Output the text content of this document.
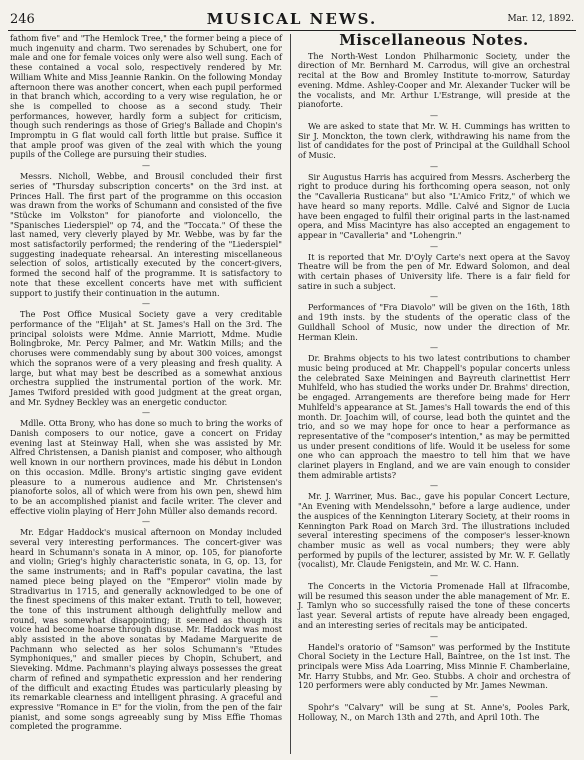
246	MUSICAL NEWS.	Mar. 12, 1892.

fathom five" and "The Hemlock Tree," the former being a piece of much ingenuity and charm. Two serenades by Schubert, one for male and one for female voices only were also well sung. Each of these contained a vocal solo, respectively rendered by Mr. William White and Miss Jeannie Rankin. On the following Monday afternoon there was another concert, when each pupil performed in that branch which, according to a very wise regulation, he or she is compelled to choose as a second study. Their performances, however, hardly form a subject for criticism, though such renderings as those of Grieg's Ballade and Chopin's Impromptu in G flat would call forth little but praise. Suffice it that ample proof was given of the zeal with which the young pupils of the College are pursuing their studies.

—

Messrs. Nicholl, Webbe, and Brousil concluded their first series of "Thursday subscription concerts" on the 3rd inst. at Princes Hall. The first part of the programme on this occasion was drawn from the works of Schumann and consisted of the five "Stücke im Volkston" for pianoforte and violoncello, the "Spanisches Liederspiel" op 74, and the "Toccata." Of these the last named, very cleverly played by Mr. Webbe, was by far the most satisfactorily performed; the rendering of the "Liederspiel" suggesting inadequate rehearsal. An interesting miscellaneous selection of solos, artistically executed by the concert-givers, formed the second half of the programme. It is satisfactory to note that these excellent concerts have met with sufficient support to justify their continuation in the autumn.

—

The Post Office Musical Society gave a very creditable performance of the "Elijah" at St. James's Hall on the 3rd. The principal soloists were Mdme. Annie Marriott, Mdme. Mudie Bolingbroke, Mr. Percy Palmer, and Mr. Watkin Mills; and the choruses were commendably sung by about 300 voices, amongst which the sopranos were of a very pleasing and fresh quality. A large, but what may best be described as a somewhat anxious orchestra supplied the instrumental portion of the work. Mr. James Twiford presided with good judgment at the great organ, and Mr. Sydney Beckley was an energetic conductor.

—

Mdlle. Otta Brony, who has done so much to bring the works of Danish composers to our notice, gave a concert on Friday evening last at Steinway Hall, when she was assisted by Mr. Alfred Christensen, a Danish pianist and composer, who although well known in our northern provinces, made his début in London on this occasion. Mdlle. Brony's artistic singing gave evident pleasure to a numerous audience and Mr. Christensen's pianoforte solos, all of which were from his own pen, shewd him to be an accomplished pianist and facile writer. The clever and effective violin playing of Herr John Müller also demands record.

—

Mr. Edgar Haddock's musical afternoon on Monday included several very interesting performances. The concert-giver was heard in Schumann's sonata in A minor, op. 105, for pianoforte and violin; Grieg's highly characteristic sonata, in G, op. 13, for the same instruments; and in Raff's popular cavatina, the last named piece being played on the "Emperor" violin made by Stradivarius in 1715, and generally acknowledged to be one of the finest specimens of this maker extant. Truth to tell, however, the tone of this instrument although delightfully mellow and round, was somewhat disappointing; it seemed as though its voice had become hoarse through disuse. Mr. Haddock was most ably assisted in the above sonatas by Madame Marguerite de Pachmann who selected as her solos Schumann's "Etudes Symphoniques," and smaller pieces by Chopin, Schubert, and Sieveking. Mdme. Pachmann's playing always possesses the great charm of refined and sympathetic expression and her rendering of the difficult and exacting Études was particularly pleasing by its remarkable clearness and intelligent phrasing. A graceful and expressive "Romance in E" for the violin, from the pen of the fair pianist, and some songs agreeably sung by Miss Effie Thomas completed the programme.

Miscellaneous Notes.

The North-West London Philharmonic Society, under the direction of Mr. Bernhard M. Carrodus, will give an orchestral recital at the Bow and Bromley Institute to-morrow, Saturday evening. Mdme. Ashley-Cooper and Mr. Alexander Tucker will be the vocalists, and Mr. Arthur L'Estrange, will preside at the pianoforte.

—

We are asked to state that Mr. W. H. Cummings has written to Sir J. Monckton, the town clerk, withdrawing his name from the list of candidates for the post of Principal at the Guildhall School of Music.

—

Sir Augustus Harris has acquired from Messrs. Ascherberg the right to produce during his forthcoming opera season, not only the "Cavalleria Rusticana" but also "L'Amico Fritz," of which we have heard so many reports. Mdlle. Calvé and Signor de Lucia have been engaged to fulfil their original parts in the last-named opera, and Miss Macintyre has also accepted an engagement to appear in "Cavalleria" and "Lohengrin."

—

It is reported that Mr. D'Oyly Carte's next opera at the Savoy Theatre will be from the pen of Mr. Edward Solomon, and deal with certain phases of University life. There is a fair field for satire in such a subject.

—

Performances of "Fra Diavolo" will be given on the 16th, 18th and 19th insts. by the students of the operatic class of the Guildhall School of Music, now under the direction of Mr. Herman Klein.

—

Dr. Brahms objects to his two latest contributions to chamber music being produced at Mr. Chappell's popular concerts unless the celebrated Saxe Meiningen and Bayreuth clarinettist Herr Muhlfeld, who has studied the works under Dr. Brahms' direction, be engaged. Arrangements are therefore being made for Herr Muhlfeld's appearance at St. James's Hall towards the end of this month. Dr. Joachim will, of course, lead both the quintet and the trio, and so we may hope for once to hear a performance as representative of the "composer's intention," as may be permitted us under present conditions of life. Would it be useless for some one who can approach the maestro to tell him that we have clarinet players in England, and we are vain enough to consider them admirable artists?

—

Mr. J. Warriner, Mus. Bac., gave his popular Concert Lecture, "An Evening with Mendelssohn," before a large audience, under the auspices of the Kennington Literary Society, at their rooms in Kennington Park Road on March 3rd. The illustrations included several interesting specimens of the composer's lesser-known chamber music as well as vocal numbers; they were ably performed by pupils of the lecturer, assisted by Mr. W. F. Gellatly (vocalist), Mr. Claude Fenigstein, and Mr. W. C. Hann.

—

The Concerts in the Victoria Promenade Hall at Ilfracombe, will be resumed this season under the able management of Mr. E. J. Tamlyn who so successfully raised the tone of these concerts last year. Several artists of repute have already been engaged, and an interesting series of recitals may be anticipated.

—

Handel's oratorio of "Samson" was performed by the Institute Choral Society in the Lecture Hall, Baintree, on the 1st inst. The principals were Miss Ada Loarring, Miss Minnie F. Chamberlaine, Mr. Harry Stubbs, and Mr. Geo. Stubbs. A choir and orchestra of 120 performers were ably conducted by Mr. James Newman.

—

Spohr's "Calvary" will be sung at St. Anne's, Pooles Park, Holloway, N., on March 13th and 27th, and April 10th. The
